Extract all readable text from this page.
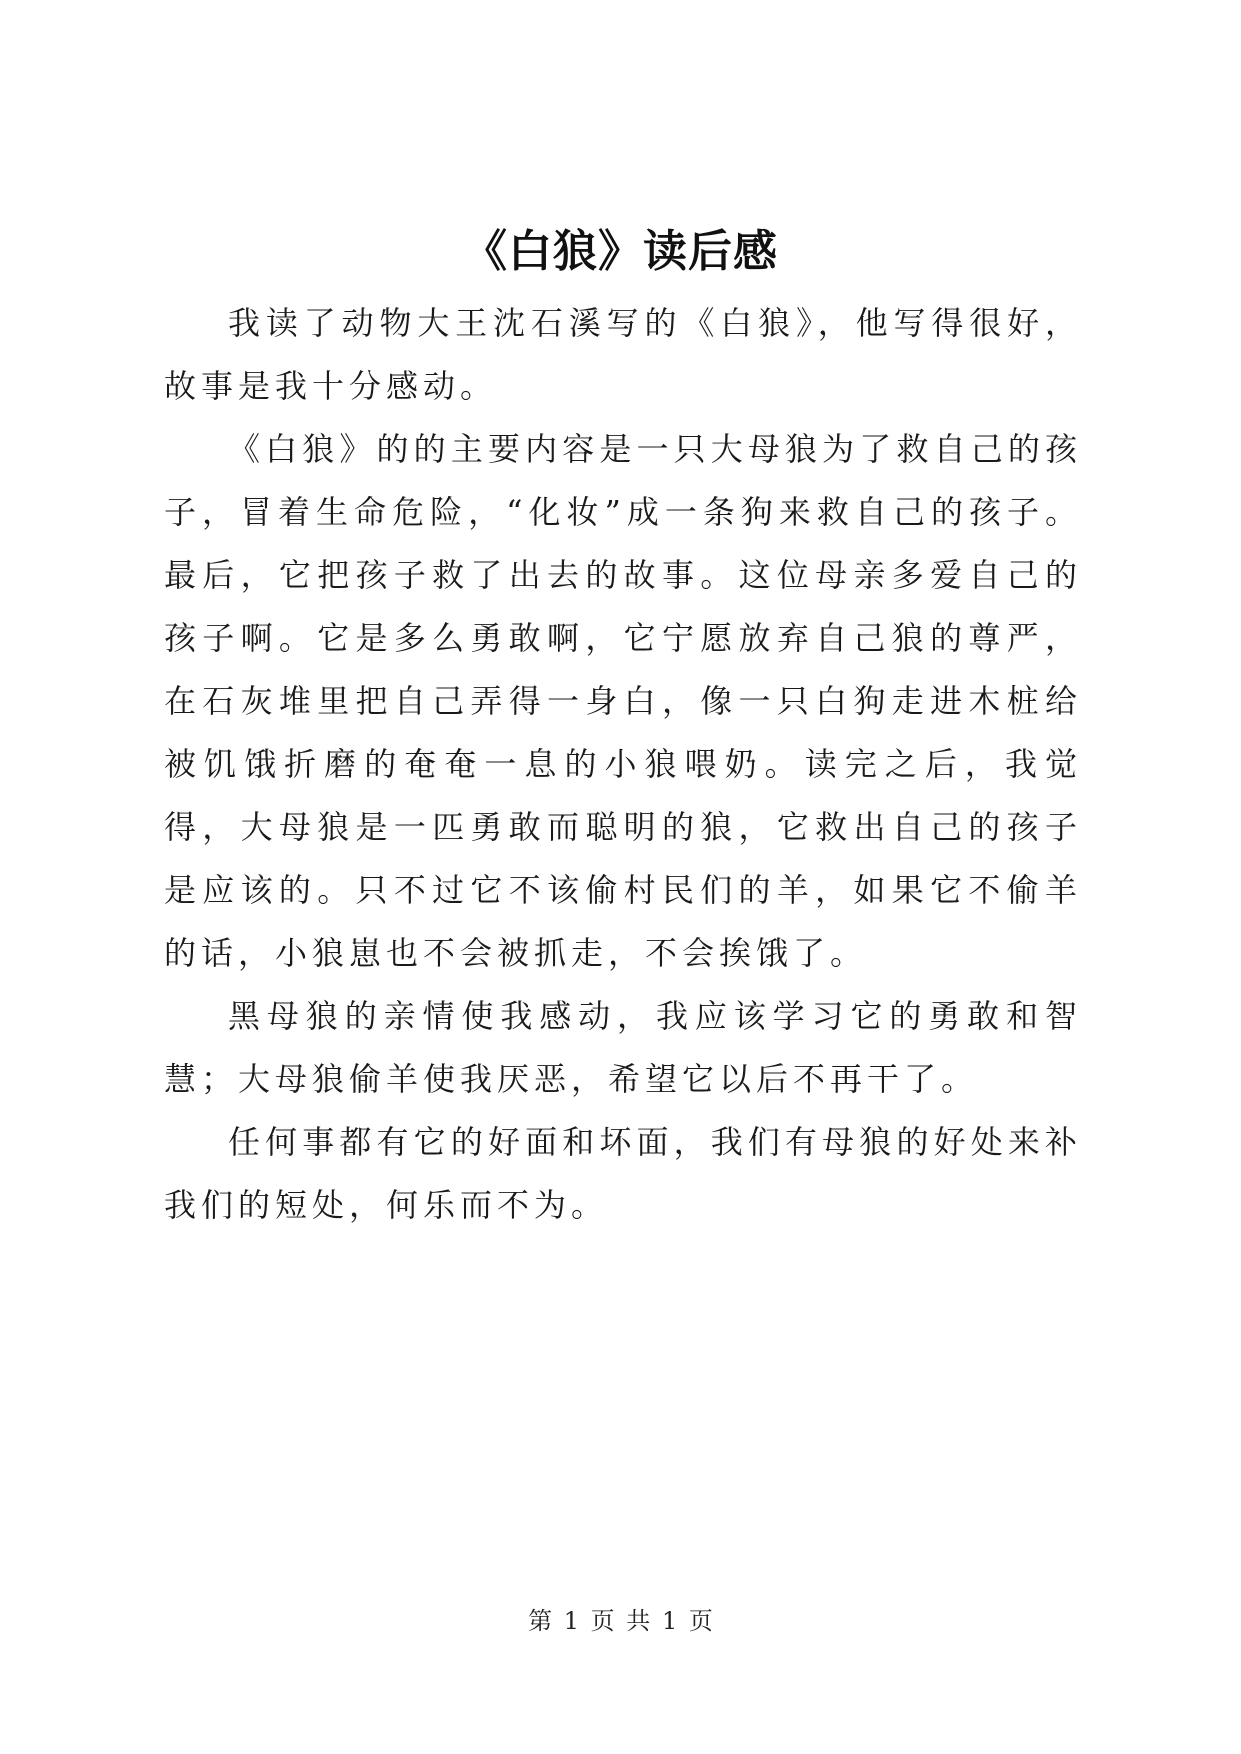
《白狼》读后感

我读了动物大王沈石溪写的《白狼》，他写得很好，故事是我十分感动。

《白狼》的的主要内容是一只大母狼为了救自己的孩子，冒着生命危险，“化妆”成一条狗来救自己的孩子。最后，它把孩子救了出去的故事。这位母亲多爱自己的孩子啊。它是多么勇敢啊，它宁愿放弃自己狼的尊严，在石灰堆里把自己弄得一身白，像一只白狗走进木桩给被饥饿折磨的奄奄一息的小狼喂奶。读完之后，我觉得，大母狼是一匹勇敢而聪明的狼，它救出自己的孩子是应该的。只不过它不该偷村民们的羊，如果它不偷羊的话，小狼崽也不会被抓走，不会挨饿了。

黑母狼的亲情使我感动，我应该学习它的勇敢和智慧；大母狼偷羊使我厌恶，希望它以后不再干了。

任何事都有它的好面和坏面，我们有母狼的好处来补我们的短处，何乐而不为。

第 1 页 共 1 页
